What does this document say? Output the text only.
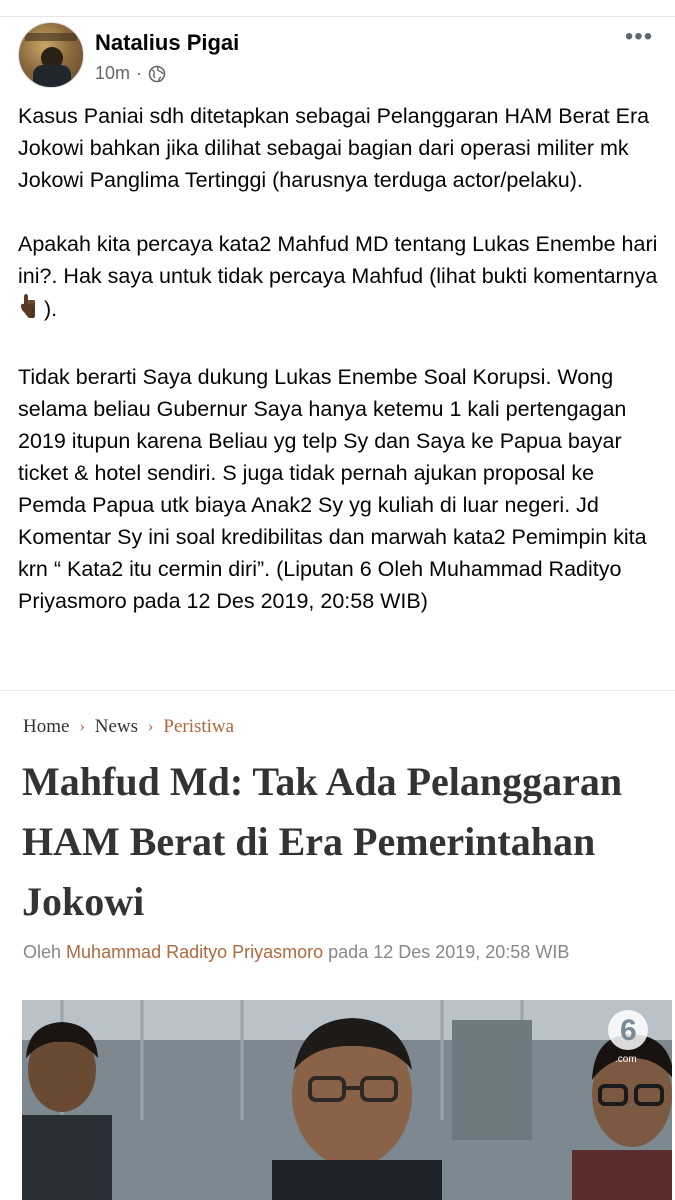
Natalius Pigai
10m ·
•••

Kasus Paniai sdh ditetapkan sebagai Pelanggaran HAM Berat Era Jokowi bahkan jika dilihat sebagai bagian dari operasi militer mk Jokowi Panglima Tertinggi (harusnya terduga actor/pelaku).

Apakah kita percaya kata2 Mahfud MD tentang Lukas Enembe hari ini?. Hak saya untuk tidak percaya Mahfud (lihat bukti komentarnya).

Tidak berarti Saya dukung Lukas Enembe Soal Korupsi. Wong selama beliau Gubernur Saya hanya ketemu 1 kali pertengagan 2019 itupun karena Beliau yg telp Sy dan Saya ke Papua bayar ticket & hotel sendiri. S juga tidak pernah ajukan proposal ke Pemda Papua utk biaya Anak2 Sy yg kuliah di luar negeri. Jd Komentar Sy ini soal kredibilitas dan marwah kata2 Pemimpin kita krn “ Kata2 itu cermin diri”. (Liputan 6 Oleh Muhammad Radityo Priyasmoro pada 12 Des 2019, 20:58 WIB)

Home › News › Peristiwa
Mahfud Md: Tak Ada Pelanggaran HAM Berat di Era Pemerintahan Jokowi
Oleh Muhammad Radityo Priyasmoro pada 12 Des 2019, 20:58 WIB
6
.com
